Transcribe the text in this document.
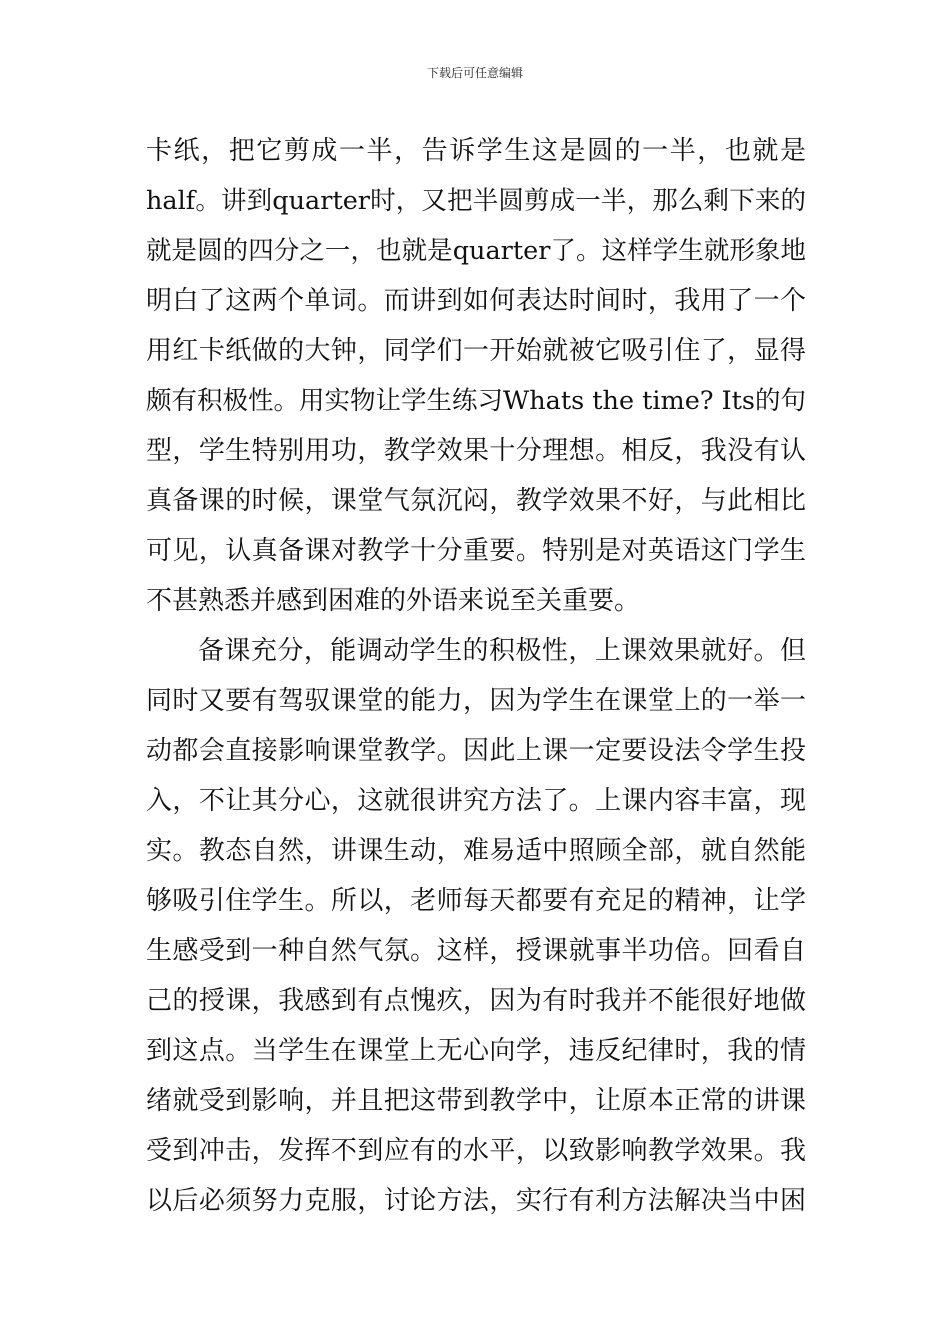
下载后可任意编辑
卡纸，把它剪成一半，告诉学生这是圆的一半，也就是
half。讲到quarter时，又把半圆剪成一半，那么剩下来的
就是圆的四分之一，也就是quarter了。这样学生就形象地
明白了这两个单词。而讲到如何表达时间时，我用了一个
用红卡纸做的大钟，同学们一开始就被它吸引住了，显得
颇有积极性。用实物让学生练习Whats the time? Its的句
型，学生特别用功，教学效果十分理想。相反，我没有认
真备课的时候，课堂气氛沉闷，教学效果不好，与此相比
可见，认真备课对教学十分重要。特别是对英语这门学生
不甚熟悉并感到困难的外语来说至关重要。
备课充分，能调动学生的积极性，上课效果就好。但
同时又要有驾驭课堂的能力，因为学生在课堂上的一举一
动都会直接影响课堂教学。因此上课一定要设法令学生投
入，不让其分心，这就很讲究方法了。上课内容丰富，现
实。教态自然，讲课生动，难易适中照顾全部，就自然能
够吸引住学生。所以，老师每天都要有充足的精神，让学
生感受到一种自然气氛。这样，授课就事半功倍。回看自
己的授课，我感到有点愧疚，因为有时我并不能很好地做
到这点。当学生在课堂上无心向学，违反纪律时，我的情
绪就受到影响，并且把这带到教学中，让原本正常的讲课
受到冲击，发挥不到应有的水平，以致影响教学效果。我
以后必须努力克服，讨论方法，实行有利方法解决当中困
